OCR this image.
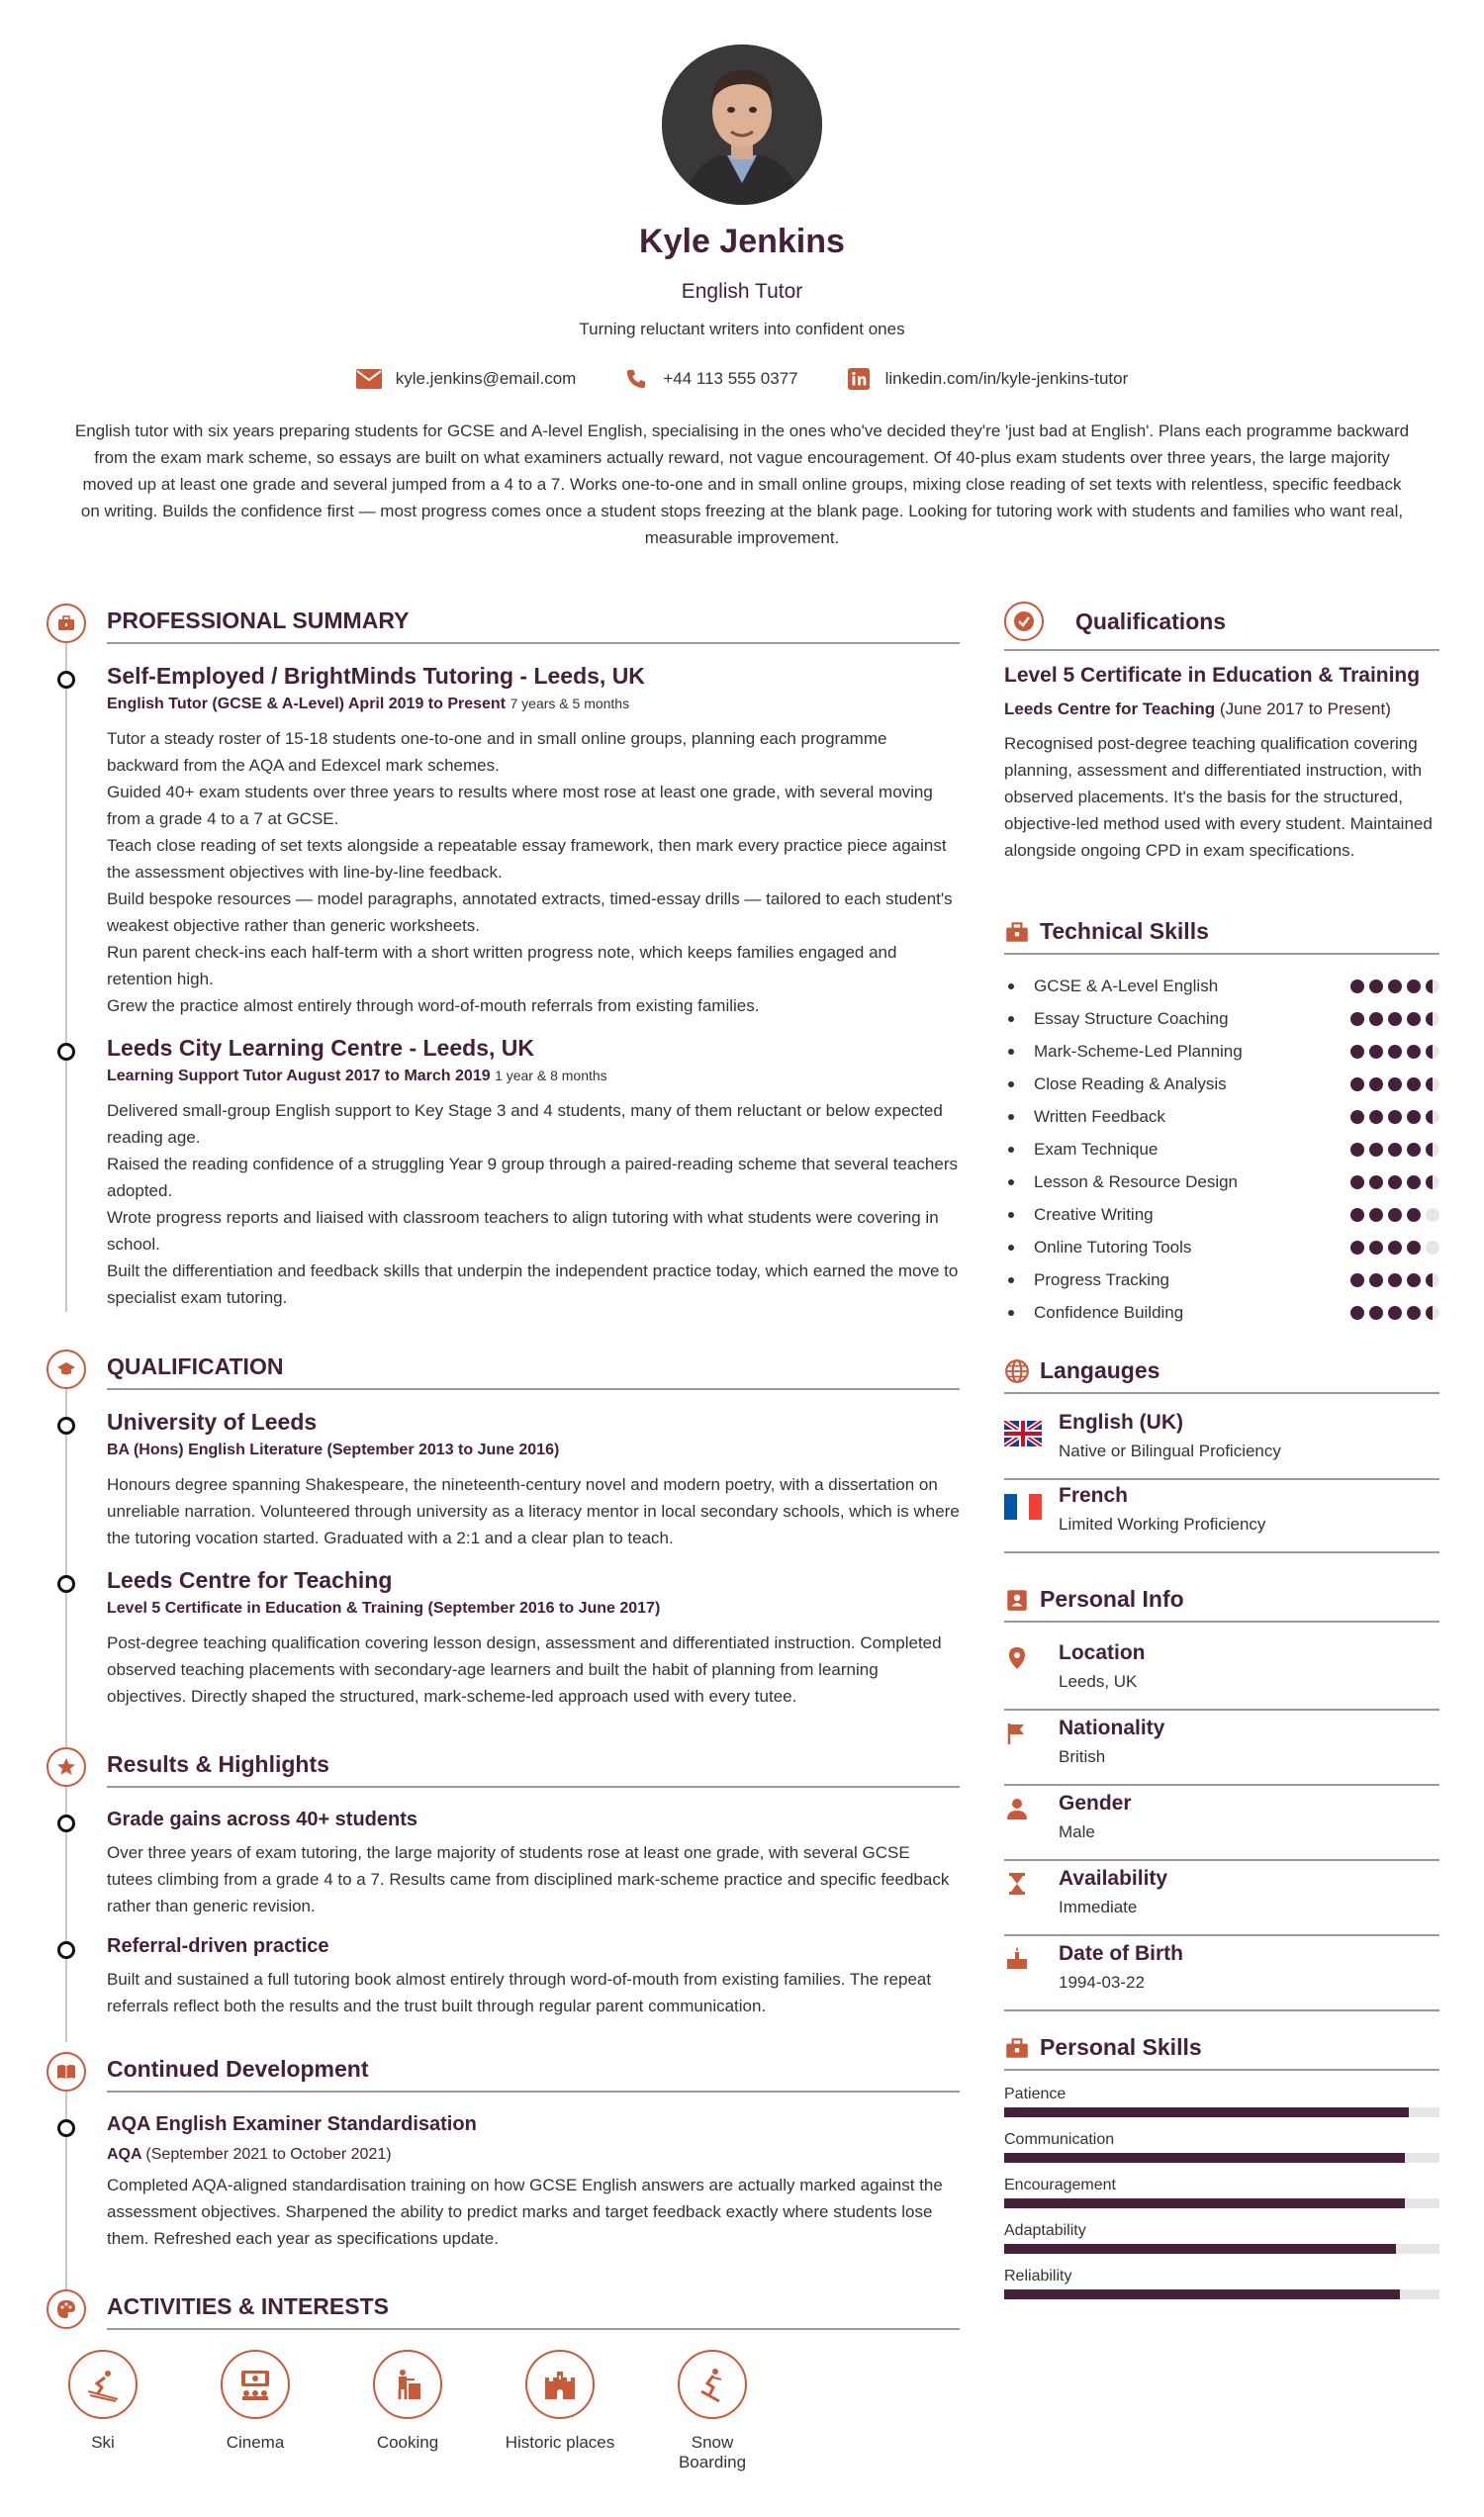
Kyle Jenkins
English Tutor
Turning reluctant writers into confident ones
kyle.jenkins@email.com	+44 113 555 0377	linkedin.com/in/kyle-jenkins-tutor
English tutor with six years preparing students for GCSE and A-level English, specialising in the ones who've decided they're 'just bad at English'. Plans each programme backward from the exam mark scheme, so essays are built on what examiners actually reward, not vague encouragement. Of 40-plus exam students over three years, the large majority moved up at least one grade and several jumped from a 4 to a 7. Works one-to-one and in small online groups, mixing close reading of set texts with relentless, specific feedback on writing. Builds the confidence first — most progress comes once a student stops freezing at the blank page. Looking for tutoring work with students and families who want real, measurable improvement.
PROFESSIONAL SUMMARY
Self-Employed / BrightMinds Tutoring - Leeds, UK
English Tutor (GCSE & A-Level) April 2019 to Present 7 years & 5 months
Tutor a steady roster of 15-18 students one-to-one and in small online groups, planning each programme backward from the AQA and Edexcel mark schemes.
Guided 40+ exam students over three years to results where most rose at least one grade, with several moving from a grade 4 to a 7 at GCSE.
Teach close reading of set texts alongside a repeatable essay framework, then mark every practice piece against the assessment objectives with line-by-line feedback.
Build bespoke resources — model paragraphs, annotated extracts, timed-essay drills — tailored to each student's weakest objective rather than generic worksheets.
Run parent check-ins each half-term with a short written progress note, which keeps families engaged and retention high.
Grew the practice almost entirely through word-of-mouth referrals from existing families.
Leeds City Learning Centre - Leeds, UK
Learning Support Tutor August 2017 to March 2019 1 year & 8 months
Delivered small-group English support to Key Stage 3 and 4 students, many of them reluctant or below expected reading age.
Raised the reading confidence of a struggling Year 9 group through a paired-reading scheme that several teachers adopted.
Wrote progress reports and liaised with classroom teachers to align tutoring with what students were covering in school.
Built the differentiation and feedback skills that underpin the independent practice today, which earned the move to specialist exam tutoring.
QUALIFICATION
University of Leeds
BA (Hons) English Literature (September 2013 to June 2016)
Honours degree spanning Shakespeare, the nineteenth-century novel and modern poetry, with a dissertation on unreliable narration. Volunteered through university as a literacy mentor in local secondary schools, which is where the tutoring vocation started. Graduated with a 2:1 and a clear plan to teach.
Leeds Centre for Teaching
Level 5 Certificate in Education & Training (September 2016 to June 2017)
Post-degree teaching qualification covering lesson design, assessment and differentiated instruction. Completed observed teaching placements with secondary-age learners and built the habit of planning from learning objectives. Directly shaped the structured, mark-scheme-led approach used with every tutee.
Results & Highlights
Grade gains across 40+ students
Over three years of exam tutoring, the large majority of students rose at least one grade, with several GCSE tutees climbing from a grade 4 to a 7. Results came from disciplined mark-scheme practice and specific feedback rather than generic revision.
Referral-driven practice
Built and sustained a full tutoring book almost entirely through word-of-mouth from existing families. The repeat referrals reflect both the results and the trust built through regular parent communication.
Continued Development
AQA English Examiner Standardisation
AQA (September 2021 to October 2021)
Completed AQA-aligned standardisation training on how GCSE English answers are actually marked against the assessment objectives. Sharpened the ability to predict marks and target feedback exactly where students lose them. Refreshed each year as specifications update.
ACTIVITIES & INTERESTS
Ski	Cinema	Cooking	Historic places	Snow Boarding
Qualifications
Level 5 Certificate in Education & Training
Leeds Centre for Teaching (June 2017 to Present)
Recognised post-degree teaching qualification covering planning, assessment and differentiated instruction, with observed placements. It's the basis for the structured, objective-led method used with every student. Maintained alongside ongoing CPD in exam specifications.
Technical Skills
GCSE & A-Level English
Essay Structure Coaching
Mark-Scheme-Led Planning
Close Reading & Analysis
Written Feedback
Exam Technique
Lesson & Resource Design
Creative Writing
Online Tutoring Tools
Progress Tracking
Confidence Building
Langauges
English (UK)
Native or Bilingual Proficiency
French
Limited Working Proficiency
Personal Info
Location
Leeds, UK
Nationality
British
Gender
Male
Availability
Immediate
Date of Birth
1994-03-22
Personal Skills
Patience
Communication
Encouragement
Adaptability
Reliability
